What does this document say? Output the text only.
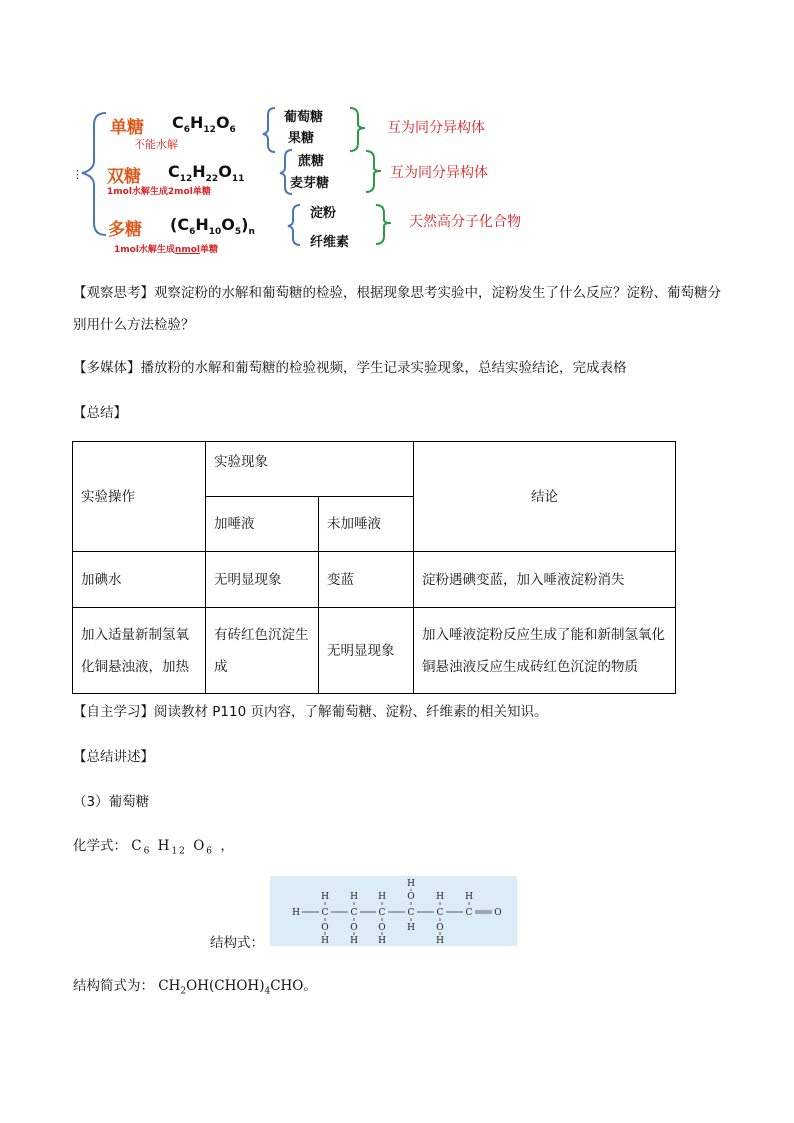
⋮
单糖 $C_6H_{12}O_6$
不能水解
葡萄糖
果糖
互为同分异构体
双糖 $C_{12}H_{22}O_{11}$
1mol水解生成2mol单糖
蔗糖
麦芽糖
互为同分异构体
多糖 $(C_6H_{10}O_5)_n$
1mol水解生成nmol单糖
淀粉
纤维素
天然高分子化合物
【观察思考】观察淀粉的水解和葡萄糖的检验，根据现象思考实验中，淀粉发生了什么反应？淀粉、葡萄糖分别用什么方法检验？
【多媒体】播放粉的水解和葡萄糖的检验视频，学生记录实验现象，总结实验结论，完成表格
【总结】
实验操作	实验现象		结论
	加唾液	未加唾液	
加碘水	无明显现象	变蓝	淀粉遇碘变蓝，加入唾液淀粉消失
加入适量新制氢氧化铜悬浊液，加热	有砖红色沉淀生成	无明显现象	加入唾液淀粉反应生成了能和新制氢氧化铜悬浊液反应生成砖红色沉淀的物质
【自主学习】阅读教材 P110 页内容，了解葡萄糖、淀粉、纤维素的相关知识。
【总结讲述】
（3）葡萄糖
化学式： $C_6$ $H_{12}$ $O_6$ ，
H C
H
O
H
C
H
O
H
C
H
O
H
C
O
H
H
C
H
O
H
C
H
O
结构式：
结构简式为： $CH_2OH(CHOH)_4CHO$。
